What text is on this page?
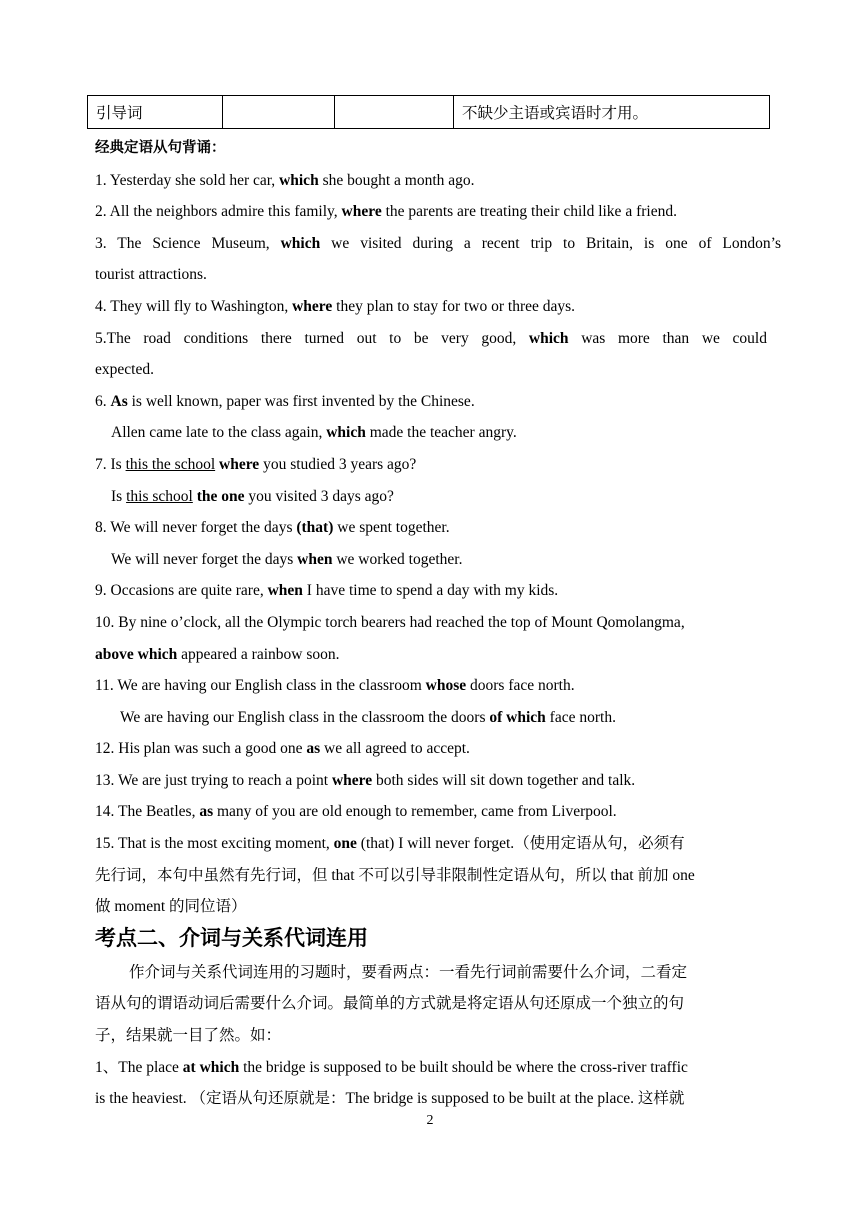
引导词			不缺少主语或宾语时才用。
经典定语从句背诵：
1. Yesterday she sold her car, which she bought a month ago.
2. All the neighbors admire this family, where the parents are treating their child like a friend.
3. The Science Museum, which we visited during a recent trip to Britain, is one of London’s
tourist attractions.
4. They will fly to Washington, where they plan to stay for two or three days.
5.The road conditions there turned out to be very good, which was more than we could
expected.
6. As is well known, paper was first invented by the Chinese.
Allen came late to the class again, which made the teacher angry.
7. Is this the school where you studied 3 years ago?
Is this school the one you visited 3 days ago?
8. We will never forget the days (that) we spent together.
We will never forget the days when we worked together.
9. Occasions are quite rare, when I have time to spend a day with my kids.
10. By nine o’clock, all the Olympic torch bearers had reached the top of Mount Qomolangma,
above which appeared a rainbow soon.
11. We are having our English class in the classroom whose doors face north.
We are having our English class in the classroom the doors of which face north.
12. His plan was such a good one as we all agreed to accept.
13. We are just trying to reach a point where both sides will sit down together and talk.
14. The Beatles, as many of you are old enough to remember, came from Liverpool.
15. That is the most exciting moment, one (that) I will never forget.（使用定语从句，必须有
先行词，本句中虽然有先行词，但 that 不可以引导非限制性定语从句，所以 that 前加 one
做 moment 的同位语）
考点二、介词与关系代词连用
作介词与关系代词连用的习题时，要看两点：一看先行词前需要什么介词，二看定
语从句的谓语动词后需要什么介词。最简单的方式就是将定语从句还原成一个独立的句
子，结果就一目了然。如：
1、The place at which the bridge is supposed to be built should be where the cross-river traffic
is the heaviest. （定语从句还原就是：The bridge is supposed to be built at the place. 这样就
2
